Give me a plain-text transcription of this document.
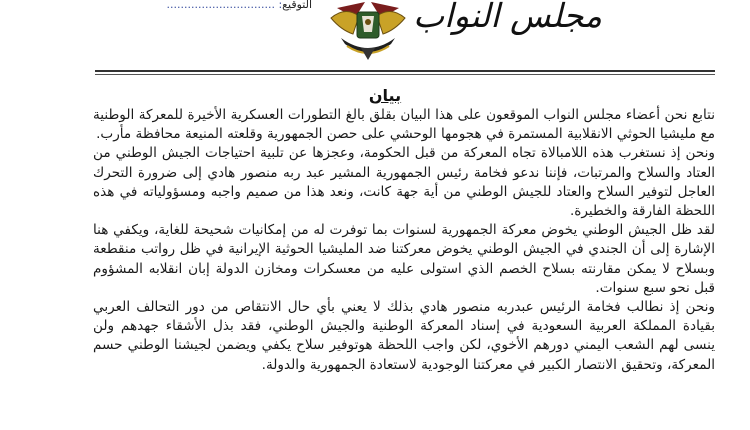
التوقيع: ...............................	مجلس النواب
بيان

نتابع نحن أعضاء مجلس النواب الموقعون على هذا البيان بقلق بالغ التطورات العسكرية الأخيرة للمعركة الوطنية مع مليشيا الحوثي الانقلابية المستمرة في هجومها الوحشي على حصن الجمهورية وقلعته المنيعة محافظة مأرب.

ونحن إذ نستغرب هذه اللامبالاة تجاه المعركة من قبل الحكومة، وعجزها عن تلبية احتياجات الجيش الوطني من العتاد والسلاح والمرتبات، فإننا ندعو فخامة رئيس الجمهورية المشير عبد ربه منصور هادي إلى ضرورة التحرك العاجل لتوفير السلاح والعتاد للجيش الوطني من أية جهة كانت، ونعد هذا من صميم واجبه ومسؤولياته في هذه اللحظة الفارقة والخطيرة.

لقد ظل الجيش الوطني يخوض معركة الجمهورية لسنوات بما توفرت له من إمكانيات شحيحة للغاية، ويكفي هنا الإشارة إلى أن الجندي في الجيش الوطني يخوض معركتنا ضد المليشيا الحوثية الإيرانية في ظل رواتب منقطعة وبسلاح لا يمكن مقارنته بسلاح الخصم الذي استولى عليه من معسكرات ومخازن الدولة إبان انقلابه المشؤوم قبل نحو سبع سنوات.

ونحن إذ نطالب فخامة الرئيس عبدربه منصور هادي بذلك لا يعني بأي حال الانتقاص من دور التحالف العربي بقيادة المملكة العربية السعودية في إسناد المعركة الوطنية والجيش الوطني، فقد بذل الأشقاء جهدهم ولن ينسى لهم الشعب اليمني دورهم الأخوي، لكن واجب اللحظة هوتوفير سلاح يكفي ويضمن لجيشنا الوطني حسم المعركة، وتحقيق الانتصار الكبير في معركتنا الوجودية لاستعادة الجمهورية والدولة.
